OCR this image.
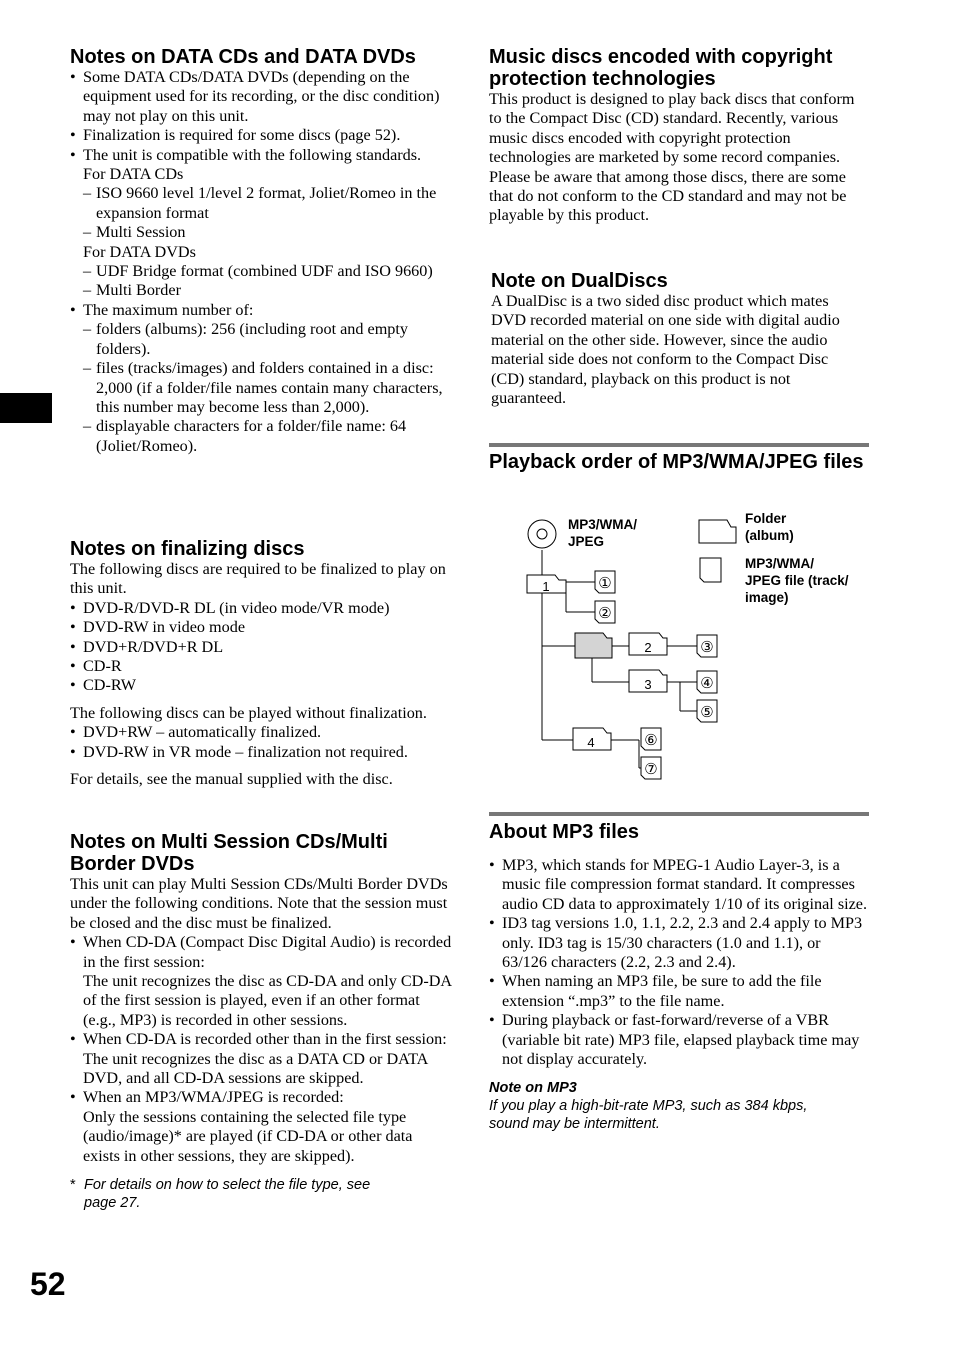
Notes on DATA CDs and DATA DVDs
• Some DATA CDs/DATA DVDs (depending on the equipment used for its recording, or the disc condition) may not play on this unit.
• Finalization is required for some discs (page 52).
• The unit is compatible with the following standards.
For DATA CDs
– ISO 9660 level 1/level 2 format, Joliet/Romeo in the expansion format
– Multi Session
For DATA DVDs
– UDF Bridge format (combined UDF and ISO 9660)
– Multi Border
• The maximum number of:
– folders (albums): 256 (including root and empty folders).
– files (tracks/images) and folders contained in a disc: 2,000 (if a folder/file names contain many characters, this number may become less than 2,000).
– displayable characters for a folder/file name: 64 (Joliet/Romeo).
Notes on finalizing discs

The following discs are required to be finalized to play on this unit.

• DVD-R/DVD-R DL (in video mode/VR mode)
• DVD-RW in video mode
• DVD+R/DVD+R DL
• CD-R
• CD-RW

The following discs can be played without finalization.

• DVD+RW – automatically finalized.
• DVD-RW in VR mode – finalization not required.

For details, see the manual supplied with the disc.

Notes on Multi Session CDs/Multi Border DVDs

This unit can play Multi Session CDs/Multi Border DVDs under the following conditions. Note that the session must be closed and the disc must be finalized.

• When CD-DA (Compact Disc Digital Audio) is recorded in the first session:
The unit recognizes the disc as CD-DA and only CD-DA of the first session is played, even if an other format (e.g., MP3) is recorded in other sessions.
• When CD-DA is recorded other than in the first session:
The unit recognizes the disc as a DATA CD or DATA DVD, and all CD-DA sessions are skipped.
• When an MP3/WMA/JPEG is recorded:
Only the sessions containing the selected file type (audio/image)* are played (if CD-DA or other data exists in other sessions, they are skipped).
* For details on how to select the file type, see page 27.
Music discs encoded with copyright protection technologies

This product is designed to play back discs that conform to the Compact Disc (CD) standard. Recently, various music discs encoded with copyright protection technologies are marketed by some record companies. Please be aware that among those discs, there are some that do not conform to the CD standard and may not be playable by this product.

Note on DualDiscs

A DualDisc is a two sided disc product which mates DVD recorded material on one side with digital audio material on the other side. However, since the audio material side does not conform to the Compact Disc (CD) standard, playback on this product is not guaranteed.

Playback order of MP3/WMA/JPEG files
MP3/WMA/
JPEG
1
2
3
4
①
②
③
④
⑤
⑥
⑦
Folder
(album)
MP3/WMA/
JPEG file (track/
image)
About MP3 files
• MP3, which stands for MPEG-1 Audio Layer-3, is a music file compression format standard. It compresses audio CD data to approximately 1/10 of its original size.
• ID3 tag versions 1.0, 1.1, 2.2, 2.3 and 2.4 apply to MP3 only. ID3 tag is 15/30 characters (1.0 and 1.1), or 63/126 characters (2.2, 2.3 and 2.4).
• When naming an MP3 file, be sure to add the file extension “.mp3” to the file name.
• During playback or fast-forward/reverse of a VBR (variable bit rate) MP3 file, elapsed playback time may not display accurately.
Note on MP3
If you play a high-bit-rate MP3, such as 384 kbps, sound may be intermittent.
52
